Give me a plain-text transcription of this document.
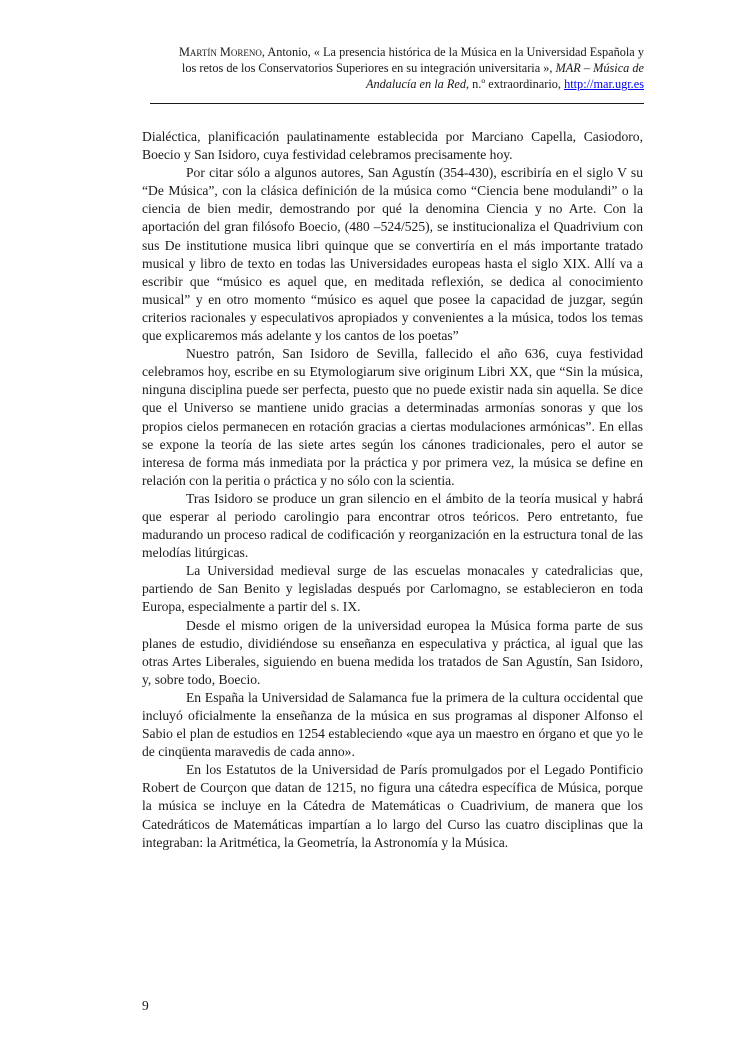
Martín Moreno, Antonio, « La presencia histórica de la Música en la Universidad Española y
los retos de los Conservatorios Superiores en su integración universitaria », MAR – Música de Andalucía en la Red, n.º extraordinario, http://mar.ugr.es

Dialéctica, planificación paulatinamente establecida por Marciano Capella, Casiodoro, Boecio y San Isidoro, cuya festividad celebramos precisamente hoy.

Por citar sólo a algunos autores, San Agustín (354-430), escribiría en el siglo V su “De Música”, con la clásica definición de la música como “Ciencia bene modulandi” o la ciencia de bien medir, demostrando por qué la denomina Ciencia y no Arte. Con la aportación del gran filósofo Boecio, (480 –524/525), se institucionaliza el Quadrivium con sus De institutione musica libri quinque que se convertiría en el más importante tratado musical y libro de texto en todas las Universidades europeas hasta el siglo XIX. Allí va a escribir que “músico es aquel que, en meditada reflexión, se dedica al conocimiento musical” y en otro momento “músico es aquel que posee la capacidad de juzgar, según criterios racionales y especulativos apropiados y convenientes a la música, todos los temas que explicaremos más adelante y los cantos de los poetas”

Nuestro patrón, San Isidoro de Sevilla, fallecido el año 636, cuya festividad celebramos hoy, escribe en su Etymologiarum sive originum Libri XX, que “Sin la música, ninguna disciplina puede ser perfecta, puesto que no puede existir nada sin aquella. Se dice que el Universo se mantiene unido gracias a determinadas armonías sonoras y que los propios cielos permanecen en rotación gracias a ciertas modulaciones armónicas”. En ellas se expone la teoría de las siete artes según los cánones tradicionales, pero el autor se interesa de forma más inmediata por la práctica y por primera vez, la música se define en relación con la peritia o práctica y no sólo con la scientia.

Tras Isidoro se produce un gran silencio en el ámbito de la teoría musical y habrá que esperar al periodo carolingio para encontrar otros teóricos. Pero entretanto, fue madurando un proceso radical de codificación y reorganización en la estructura tonal de las melodías litúrgicas.

La Universidad medieval surge de las escuelas monacales y catedralicias que, partiendo de San Benito y legisladas después por Carlomagno, se establecieron en toda Europa, especialmente a partir del s. IX.

Desde el mismo origen de la universidad europea la Música forma parte de sus planes de estudio, dividiéndose su enseñanza en especulativa y práctica, al igual que las otras Artes Liberales, siguiendo en buena medida los tratados de San Agustín, San Isidoro, y, sobre todo, Boecio.

En España la Universidad de Salamanca fue la primera de la cultura occidental que incluyó oficialmente la enseñanza de la música en sus programas al disponer Alfonso el Sabio el plan de estudios en 1254 estableciendo «que aya un maestro en órgano et que yo le de cinqüenta maravedis de cada anno».

En los Estatutos de la Universidad de París promulgados por el Legado Pontificio Robert de Courçon que datan de 1215, no figura una cátedra específica de Música, porque la música se incluye en la Cátedra de Matemáticas o Cuadrivium, de manera que los Catedráticos de Matemáticas impartían a lo largo del Curso las cuatro disciplinas que la integraban: la Aritmética, la Geometría, la Astronomía y la Música.

9
